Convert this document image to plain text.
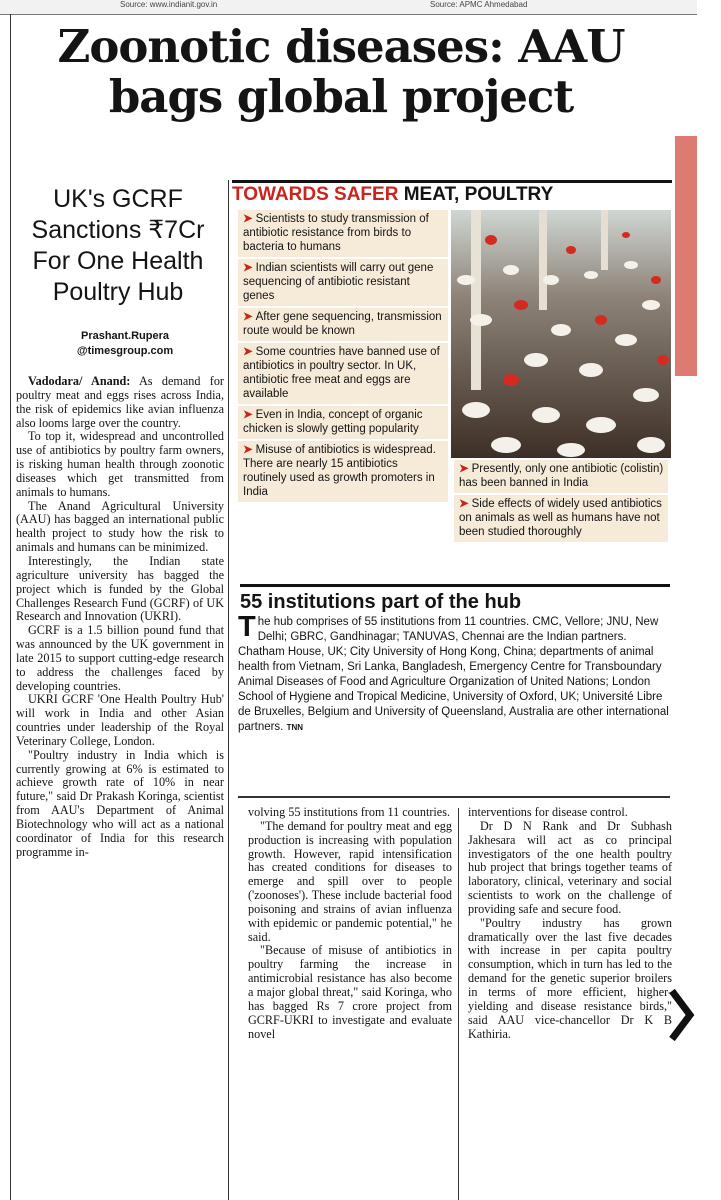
Source: www.indianit.gov.in	Source: APMC Ahmedabad
Zoonotic diseases: AAU bags global project
UK's GCRF Sanctions ₹7Cr For One Health Poultry Hub
Prashant.Rupera
@timesgroup.com

Vadodara/ Anand: As demand for poultry meat and eggs rises across India, the risk of epidemics like avian influenza also looms large over the country.

To top it, widespread and uncontrolled use of antibiotics by poultry farm owners, is risking human health through zoonotic diseases which get transmitted from animals to humans.

The Anand Agricultural University (AAU) has bagged an international public health project to study how the risk to animals and humans can be minimized.

Interestingly, the Indian state agriculture university has bagged the project which is funded by the Global Challenges Research Fund (GCRF) of UK Research and Innovation (UKRI).

GCRF is a 1.5 billion pound fund that was announced by the UK government in late 2015 to support cutting-edge research to address the challenges faced by developing countries.

UKRI GCRF 'One Health Poultry Hub' will work in India and other Asian countries under leadership of the Royal Veterinary College, London.

"Poultry industry in India which is currently growing at 6% is estimated to achieve growth rate of 10% in near future," said Dr Prakash Koringa, scientist from AAU's Department of Animal Biotechnology who will act as a national coordinator of India for this research programme in-

volving 55 institutions from 11 countries.

"The demand for poultry meat and egg production is increasing with population growth. However, rapid intensification has created conditions for diseases to emerge and spill over to people ('zoonoses'). These include bacterial food poisoning and strains of avian influenza with epidemic or pandemic potential," he said.

"Because of misuse of antibiotics in poultry farming the increase in antimicrobial resistance has also become a major global threat," said Koringa, who has bagged Rs 7 crore project from GCRF-UKRI to investigate and evaluate novel

interventions for disease control.

Dr D N Rank and Dr Subhash Jakhesara will act as co principal investigators of the one health poultry hub project that brings together teams of laboratory, clinical, veterinary and social scientists to work on the challenge of providing safe and secure food.

"Poultry industry has grown dramatically over the last five decades with increase in per capita poultry consumption, which in turn has led to the demand for the genetic superior broilers in terms of more efficient, higher-yielding and disease resistance birds," said AAU vice-chancellor Dr K B Kathiria.

TOWARDS SAFER MEAT, POULTRY
➤ Scientists to study transmission of antibiotic resistance from birds to bacteria to humans
➤ Indian scientists will carry out gene sequencing of antibiotic resistant genes
➤ After gene sequencing, transmission route would be known
➤ Some countries have banned use of antibiotics in poultry sector. In UK, antibiotic free meat and eggs are available
➤ Even in India, concept of organic chicken is slowly getting popularity
➤ Misuse of antibiotics is widespread. There are nearly 15 antibiotics routinely used as growth promoters in India
➤ Presently, only one antibiotic (colistin) has been banned in India
➤ Side effects of widely used antibiotics on animals as well as humans have not been studied thoroughly
55 institutions part of the hub
The hub comprises of 55 institutions from 11 countries. CMC, Vellore; JNU, New Delhi; GBRC, Gandhinagar; TANUVAS, Chennai are the Indian partners. Chatham House, UK; City University of Hong Kong, China; departments of animal health from Vietnam, Sri Lanka, Bangladesh, Emergency Centre for Transboundary Animal Diseases of Food and Agriculture Organization of United Nations; London School of Hygiene and Tropical Medicine, University of Oxford, UK; Université Libre de Bruxelles, Belgium and University of Queensland, Australia are other international partners. TNN
Updates
